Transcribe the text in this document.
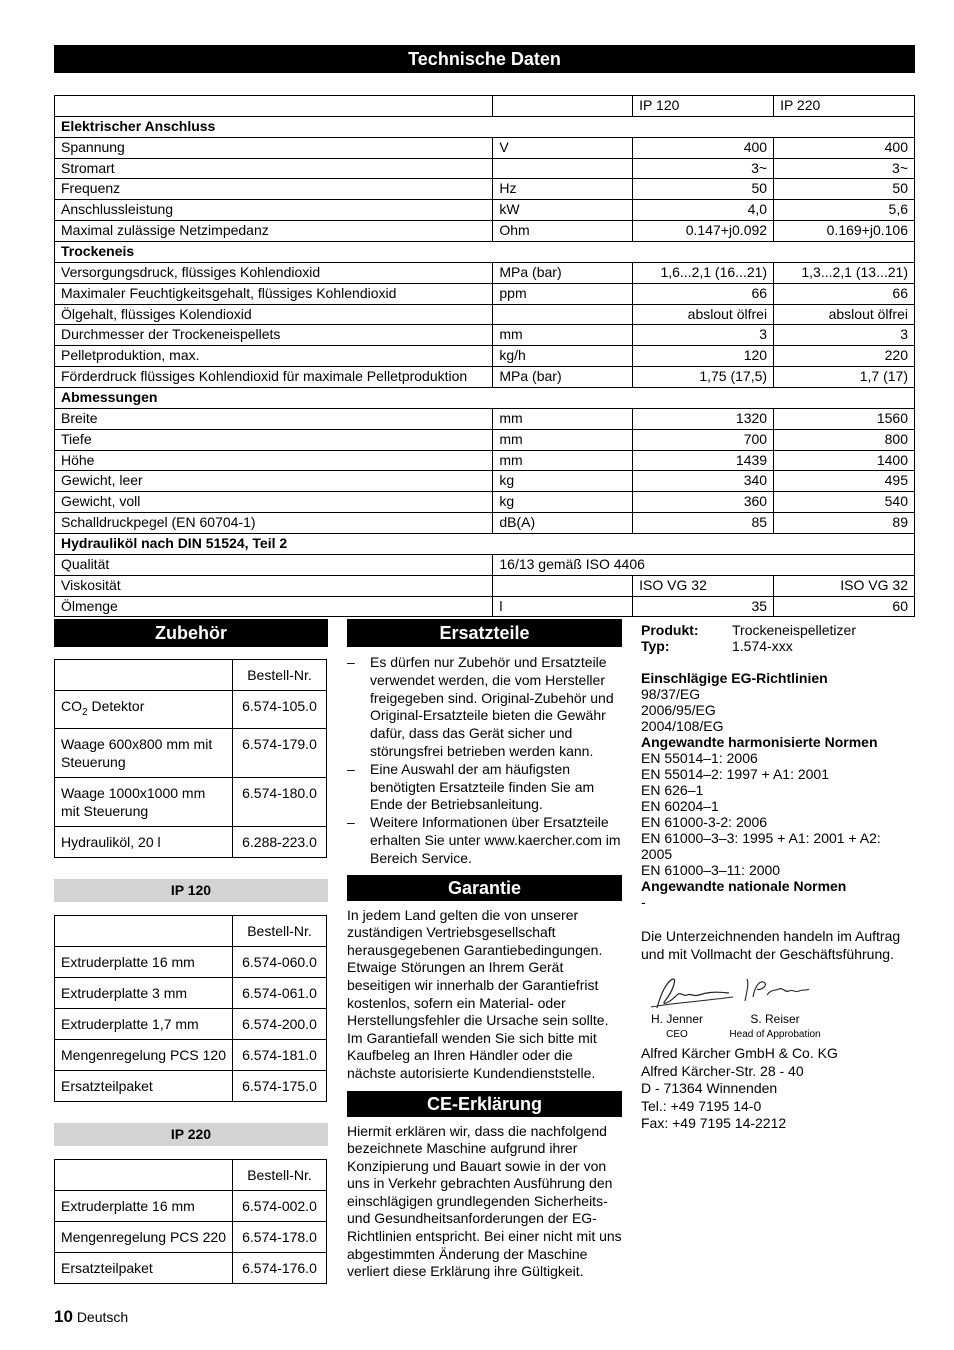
Technische Daten
		IP 120	IP 220
Elektrischer Anschluss			
Spannung	V	400	400
Stromart		3~	3~
Frequenz	Hz	50	50
Anschlussleistung	kW	4,0	5,6
Maximal zulässige Netzimpedanz	Ohm	0.147+j0.092	0.169+j0.106
Trockeneis			
Versorgungsdruck, flüssiges Kohlendioxid	MPa (bar)	1,6...2,1 (16...21)	1,3...2,1 (13...21)
Maximaler Feuchtigkeitsgehalt, flüssiges Kohlendioxid	ppm	66	66
Ölgehalt, flüssiges Kolendioxid		abslout ölfrei	abslout ölfrei
Durchmesser der Trockeneispellets	mm	3	3
Pelletproduktion, max.	kg/h	120	220
Förderdruck flüssiges Kohlendioxid für maximale Pelletproduktion	MPa (bar)	1,75 (17,5)	1,7 (17)
Abmessungen			
Breite	mm	1320	1560
Tiefe	mm	700	800
Höhe	mm	1439	1400
Gewicht, leer	kg	340	495
Gewicht, voll	kg	360	540
Schalldruckpegel (EN 60704-1)	dB(A)	85	89
Hydrauliköl nach DIN 51524, Teil 2			
Qualität	16/13 gemäß ISO 4406		
Viskosität		ISO VG 32	ISO VG 32
Ölmenge	l	35	60
Zubehör
	Bestell-Nr.
$CO_2$ Detektor	6.574-105.0
Waage 600x800 mm mit Steuerung	6.574-179.0
Waage 1000x1000 mm mit Steuerung	6.574-180.0
Hydrauliköl, 20 l	6.288-223.0
IP 120
	Bestell-Nr.
Extruderplatte 16 mm	6.574-060.0
Extruderplatte 3 mm	6.574-061.0
Extruderplatte 1,7 mm	6.574-200.0
Mengenregelung PCS 120	6.574-181.0
Ersatzteilpaket	6.574-175.0
IP 220
	Bestell-Nr.
Extruderplatte 16 mm	6.574-002.0
Mengenregelung PCS 220	6.574-178.0
Ersatzteilpaket	6.574-176.0
Ersatzteile
– Es dürfen nur Zubehör und Ersatzteile verwendet werden, die vom Hersteller freigegeben sind. Original-Zubehör und Original-Ersatzteile bieten die Gewähr dafür, dass das Gerät sicher und störungsfrei betrieben werden kann.
– Eine Auswahl der am häufigsten benötigten Ersatzteile finden Sie am Ende der Betriebsanleitung.
– Weitere Informationen über Ersatzteile erhalten Sie unter www.kaercher.com im Bereich Service.
Garantie

In jedem Land gelten die von unserer zuständigen Vertriebsgesellschaft herausgegebenen Garantiebedingungen. Etwaige Störungen an Ihrem Gerät beseitigen wir innerhalb der Garantiefrist kostenlos, sofern ein Material- oder Herstellungsfehler die Ursache sein sollte. Im Garantiefall wenden Sie sich bitte mit Kaufbeleg an Ihren Händler oder die nächste autorisierte Kundendienststelle.

CE-Erklärung

Hiermit erklären wir, dass die nachfolgend bezeichnete Maschine aufgrund ihrer Konzipierung und Bauart sowie in der von uns in Verkehr gebrachten Ausführung den einschlägigen grundlegenden Sicherheits- und Gesundheitsanforderungen der EG-Richtlinien entspricht. Bei einer nicht mit uns abgestimmten Änderung der Maschine verliert diese Erklärung ihre Gültigkeit.

Produkt:	Trockeneispelletizer
Typ:	1.574-xxx
Einschlägige EG-Richtlinien
98/37/EG
2006/95/EG
2004/108/EG
Angewandte harmonisierte Normen
EN 55014–1: 2006
EN 55014–2: 1997 + A1: 2001
EN 626–1
EN 60204–1
EN 61000-3-2: 2006
EN 61000–3–3: 1995 + A1: 2001 + A2: 2005
EN 61000–3–11: 2000
Angewandte nationale Normen
-
Die Unterzeichnenden handeln im Auftrag und mit Vollmacht der Geschäftsführung.
H. Jenner
CEO
S. Reiser
Head of Approbation
Alfred Kärcher GmbH & Co. KG
Alfred Kärcher-Str. 28 - 40
D - 71364 Winnenden
Tel.: +49 7195 14-0
Fax: +49 7195 14-2212
10 Deutsch
